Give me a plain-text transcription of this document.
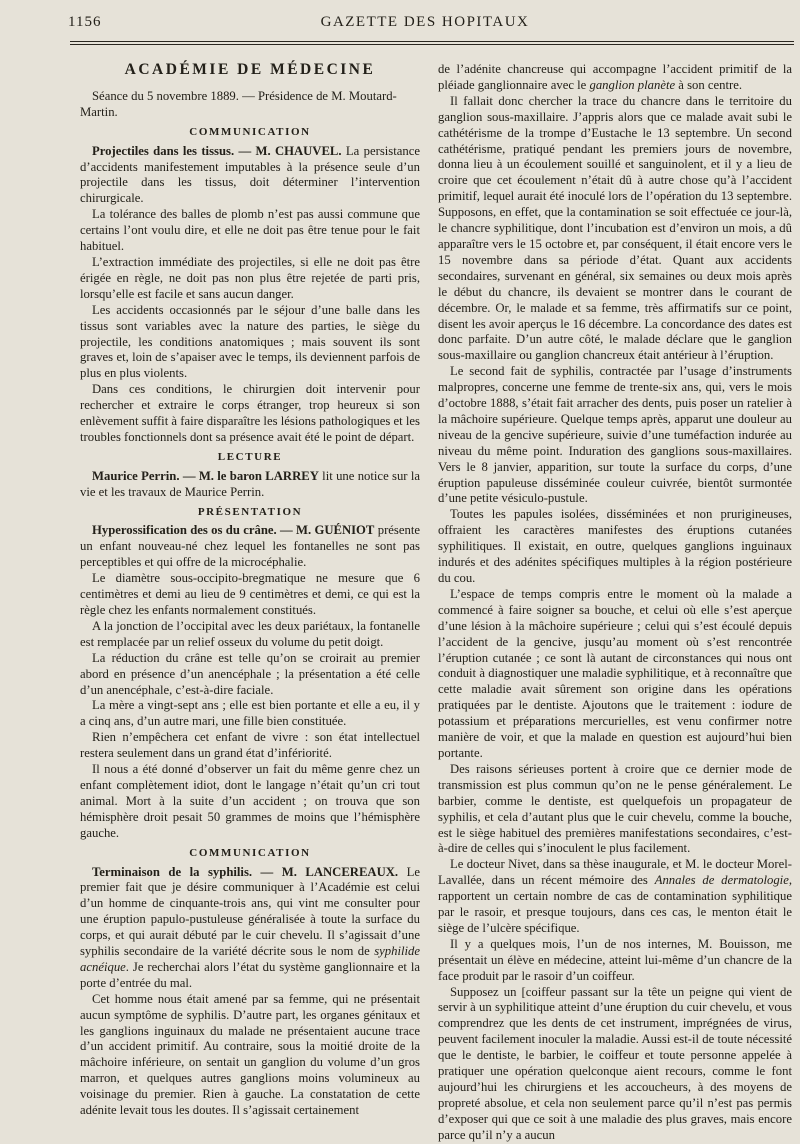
1156	GAZETTE DES HOPITAUX
ACADÉMIE DE MÉDECINE

Séance du 5 novembre 1889. — Présidence de M. Moutard-Martin.

COMMUNICATION

Projectiles dans les tissus. — M. CHAUVEL. La persistance d’accidents manifestement imputables à la présence seule d’un projectile dans les tissus, doit déterminer l’intervention chirurgicale.

La tolérance des balles de plomb n’est pas aussi commune que certains l’ont voulu dire, et elle ne doit pas être tenue pour le fait habituel.

L’extraction immédiate des projectiles, si elle ne doit pas être érigée en règle, ne doit pas non plus être rejetée de parti pris, lorsqu’elle est facile et sans aucun danger.

Les accidents occasionnés par le séjour d’une balle dans les tissus sont variables avec la nature des parties, le siège du projectile, les conditions anatomiques ; mais souvent ils sont graves et, loin de s’apaiser avec le temps, ils deviennent parfois de plus en plus violents.

Dans ces conditions, le chirurgien doit intervenir pour rechercher et extraire le corps étranger, trop heureux si son enlèvement suffit à faire disparaître les lésions pathologiques et les troubles fonctionnels dont sa présence avait été le point de départ.

LECTURE

Maurice Perrin. — M. le baron LARREY lit une notice sur la vie et les travaux de Maurice Perrin.

PRÉSENTATION

Hyperossification des os du crâne. — M. GUÉNIOT présente un enfant nouveau-né chez lequel les fontanelles ne sont pas perceptibles et qui offre de la microcéphalie.

Le diamètre sous-occipito-bregmatique ne mesure que 6 centimètres et demi au lieu de 9 centimètres et demi, ce qui est la règle chez les enfants normalement constitués.

A la jonction de l’occipital avec les deux pariétaux, la fontanelle est remplacée par un relief osseux du volume du petit doigt.

La réduction du crâne est telle qu’on se croirait au premier abord en présence d’un anencéphale ; la présentation a été celle d’un anencéphale, c’est-à-dire faciale.

La mère a vingt-sept ans ; elle est bien portante et elle a eu, il y a cinq ans, d’un autre mari, une fille bien constituée.

Rien n’empêchera cet enfant de vivre : son état intellectuel restera seulement dans un grand état d’infériorité.

Il nous a été donné d’observer un fait du même genre chez un enfant complètement idiot, dont le langage n’était qu’un cri tout animal. Mort à la suite d’un accident ; on trouva que son hémisphère droit pesait 50 grammes de moins que l’hémisphère gauche.

COMMUNICATION

Terminaison de la syphilis. — M. LANCEREAUX. Le premier fait que je désire communiquer à l’Académie est celui d’un homme de cinquante-trois ans, qui vint me consulter pour une éruption papulo-pustuleuse généralisée à toute la surface du corps, et qui aurait débuté par le cuir chevelu. Il s’agissait d’une syphilis secondaire de la variété décrite sous le nom de syphilide acnéique. Je recherchai alors l’état du système ganglionnaire et la porte d’entrée du mal.

Cet homme nous était amené par sa femme, qui ne présentait aucun symptôme de syphilis. D’autre part, les organes génitaux et les ganglions inguinaux du malade ne présentaient aucune trace d’un accident primitif. Au contraire, sous la moitié droite de la mâchoire inférieure, on sentait un ganglion du volume d’un gros marron, et quelques autres ganglions moins volumineux au voisinage du premier. Rien à gauche. La constatation de cette adénite levait tous les doutes. Il s’agissait certainement

de l’adénite chancreuse qui accompagne l’accident primitif de la pléiade ganglionnaire avec le ganglion planète à son centre.

Il fallait donc chercher la trace du chancre dans le territoire du ganglion sous-maxillaire. J’appris alors que ce malade avait subi le cathétérisme de la trompe d’Eustache le 13 septembre. Un second cathétérisme, pratiqué pendant les premiers jours de novembre, donna lieu à un écoulement souillé et sanguinolent, et il y a lieu de croire que cet écoulement n’était dû à autre chose qu’à l’accident primitif, lequel aurait été inoculé lors de l’opération du 13 septembre. Supposons, en effet, que la contamination se soit effectuée ce jour-là, le chancre syphilitique, dont l’incubation est d’environ un mois, a dû apparaître vers le 15 octobre et, par conséquent, il était encore vers le 15 novembre dans sa période d’état. Quant aux accidents secondaires, survenant en général, six semaines ou deux mois après le début du chancre, ils devaient se montrer dans le courant de décembre. Or, le malade et sa femme, très affirmatifs sur ce point, disent les avoir aperçus le 16 décembre. La concordance des dates est donc parfaite. D’un autre côté, le malade déclare que le ganglion sous-maxillaire ou ganglion chancreux était antérieur à l’éruption.

Le second fait de syphilis, contractée par l’usage d’instruments malpropres, concerne une femme de trente-six ans, qui, vers le mois d’octobre 1888, s’était fait arracher des dents, puis poser un ratelier à la mâchoire supérieure. Quelque temps après, apparut une douleur au niveau de la gencive supérieure, suivie d’une tuméfaction indurée au niveau du même point. Induration des ganglions sous-maxillaires. Vers le 8 janvier, apparition, sur toute la surface du corps, d’une éruption papuleuse disséminée couleur cuivrée, bientôt surmontée d’une petite vésiculo-pustule.

Toutes les papules isolées, disséminées et non prurigineuses, offraient les caractères manifestes des éruptions cutanées syphilitiques. Il existait, en outre, quelques ganglions inguinaux indurés et des adénites spécifiques multiples à la région postérieure du cou.

L’espace de temps compris entre le moment où la malade a commencé à faire soigner sa bouche, et celui où elle s’est aperçue d’une lésion à la mâchoire supérieure ; celui qui s’est écoulé depuis l’accident de la gencive, jusqu’au moment où s’est rencontrée l’éruption cutanée ; ce sont là autant de circonstances qui nous ont conduit à diagnostiquer une maladie syphilitique, et à reconnaître que cette maladie avait sûrement son origine dans les opérations pratiquées par le dentiste. Ajoutons que le traitement : iodure de potassium et préparations mercurielles, est venu confirmer notre manière de voir, et que la malade en question est aujourd’hui bien portante.

Des raisons sérieuses portent à croire que ce dernier mode de transmission est plus commun qu’on ne le pense généralement. Le barbier, comme le dentiste, est quelquefois un propagateur de syphilis, et cela d’autant plus que le cuir chevelu, comme la bouche, est le siège habituel des premières manifestations secondaires, c’est-à-dire de celles qui s’inoculent le plus facilement.

Le docteur Nivet, dans sa thèse inaugurale, et M. le docteur Morel-Lavallée, dans un récent mémoire des Annales de dermatologie, rapportent un certain nombre de cas de contamination syphilitique par le rasoir, et presque toujours, dans ces cas, le menton était le siège de l’ulcère spécifique.

Il y a quelques mois, l’un de nos internes, M. Bouisson, me présentait un élève en médecine, atteint lui-même d’un chancre de la face produit par le rasoir d’un coiffeur.

Supposez un [coiffeur passant sur la tête un peigne qui vient de servir à un syphilitique atteint d’une éruption du cuir chevelu, et vous comprendrez que les dents de cet instrument, imprégnées de virus, peuvent facilement inoculer la maladie. Aussi est-il de toute nécessité que le dentiste, le barbier, le coiffeur et toute personne appelée à pratiquer une opération quelconque aient recours, comme le font aujourd’hui les chirurgiens et les accoucheurs, à des moyens de propreté absolue, et cela non seulement parce qu’il n’est pas permis d’exposer qui que ce soit à une maladie des plus graves, mais encore parce qu’il n’y a aucun
